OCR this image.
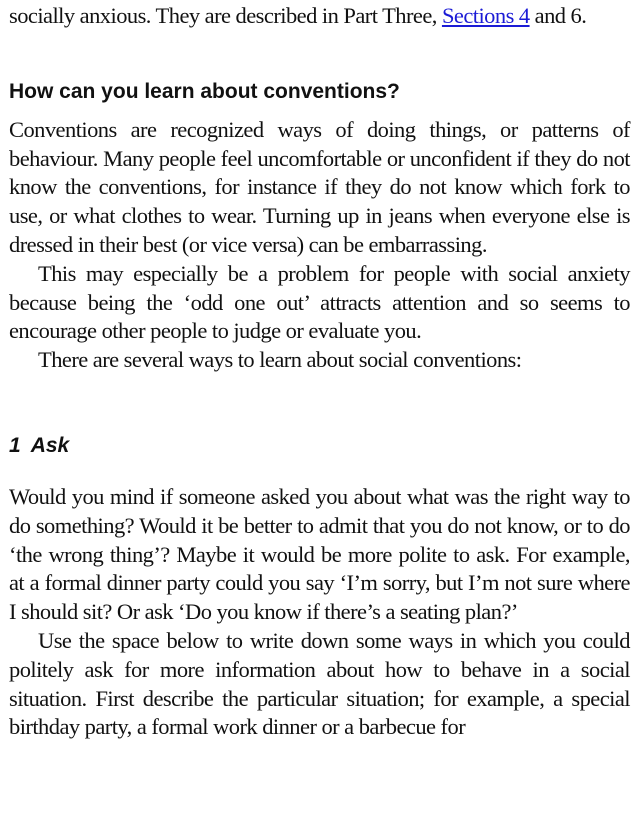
socially anxious. They are described in Part Three, Sections 4 and 6.

How can you learn about conventions?

Conventions are recognized ways of doing things, or patterns of behaviour. Many people feel uncomfortable or unconfident if they do not know the conventions, for instance if they do not know which fork to use, or what clothes to wear. Turning up in jeans when everyone else is dressed in their best (or vice versa) can be embarrassing.

This may especially be a problem for people with social anxiety because being the ‘odd one out’ attracts attention and so seems to encourage other people to judge or evaluate you.

There are several ways to learn about social conventions:

1 Ask

Would you mind if someone asked you about what was the right way to do something? Would it be better to admit that you do not know, or to do ‘the wrong thing’? Maybe it would be more polite to ask. For example, at a formal dinner party could you say ‘I’m sorry, but I’m not sure where I should sit? Or ask ‘Do you know if there’s a seating plan?’

Use the space below to write down some ways in which you could politely ask for more information about how to behave in a social situation. First describe the particular situation; for example, a special birthday party, a formal work dinner or a barbecue for
